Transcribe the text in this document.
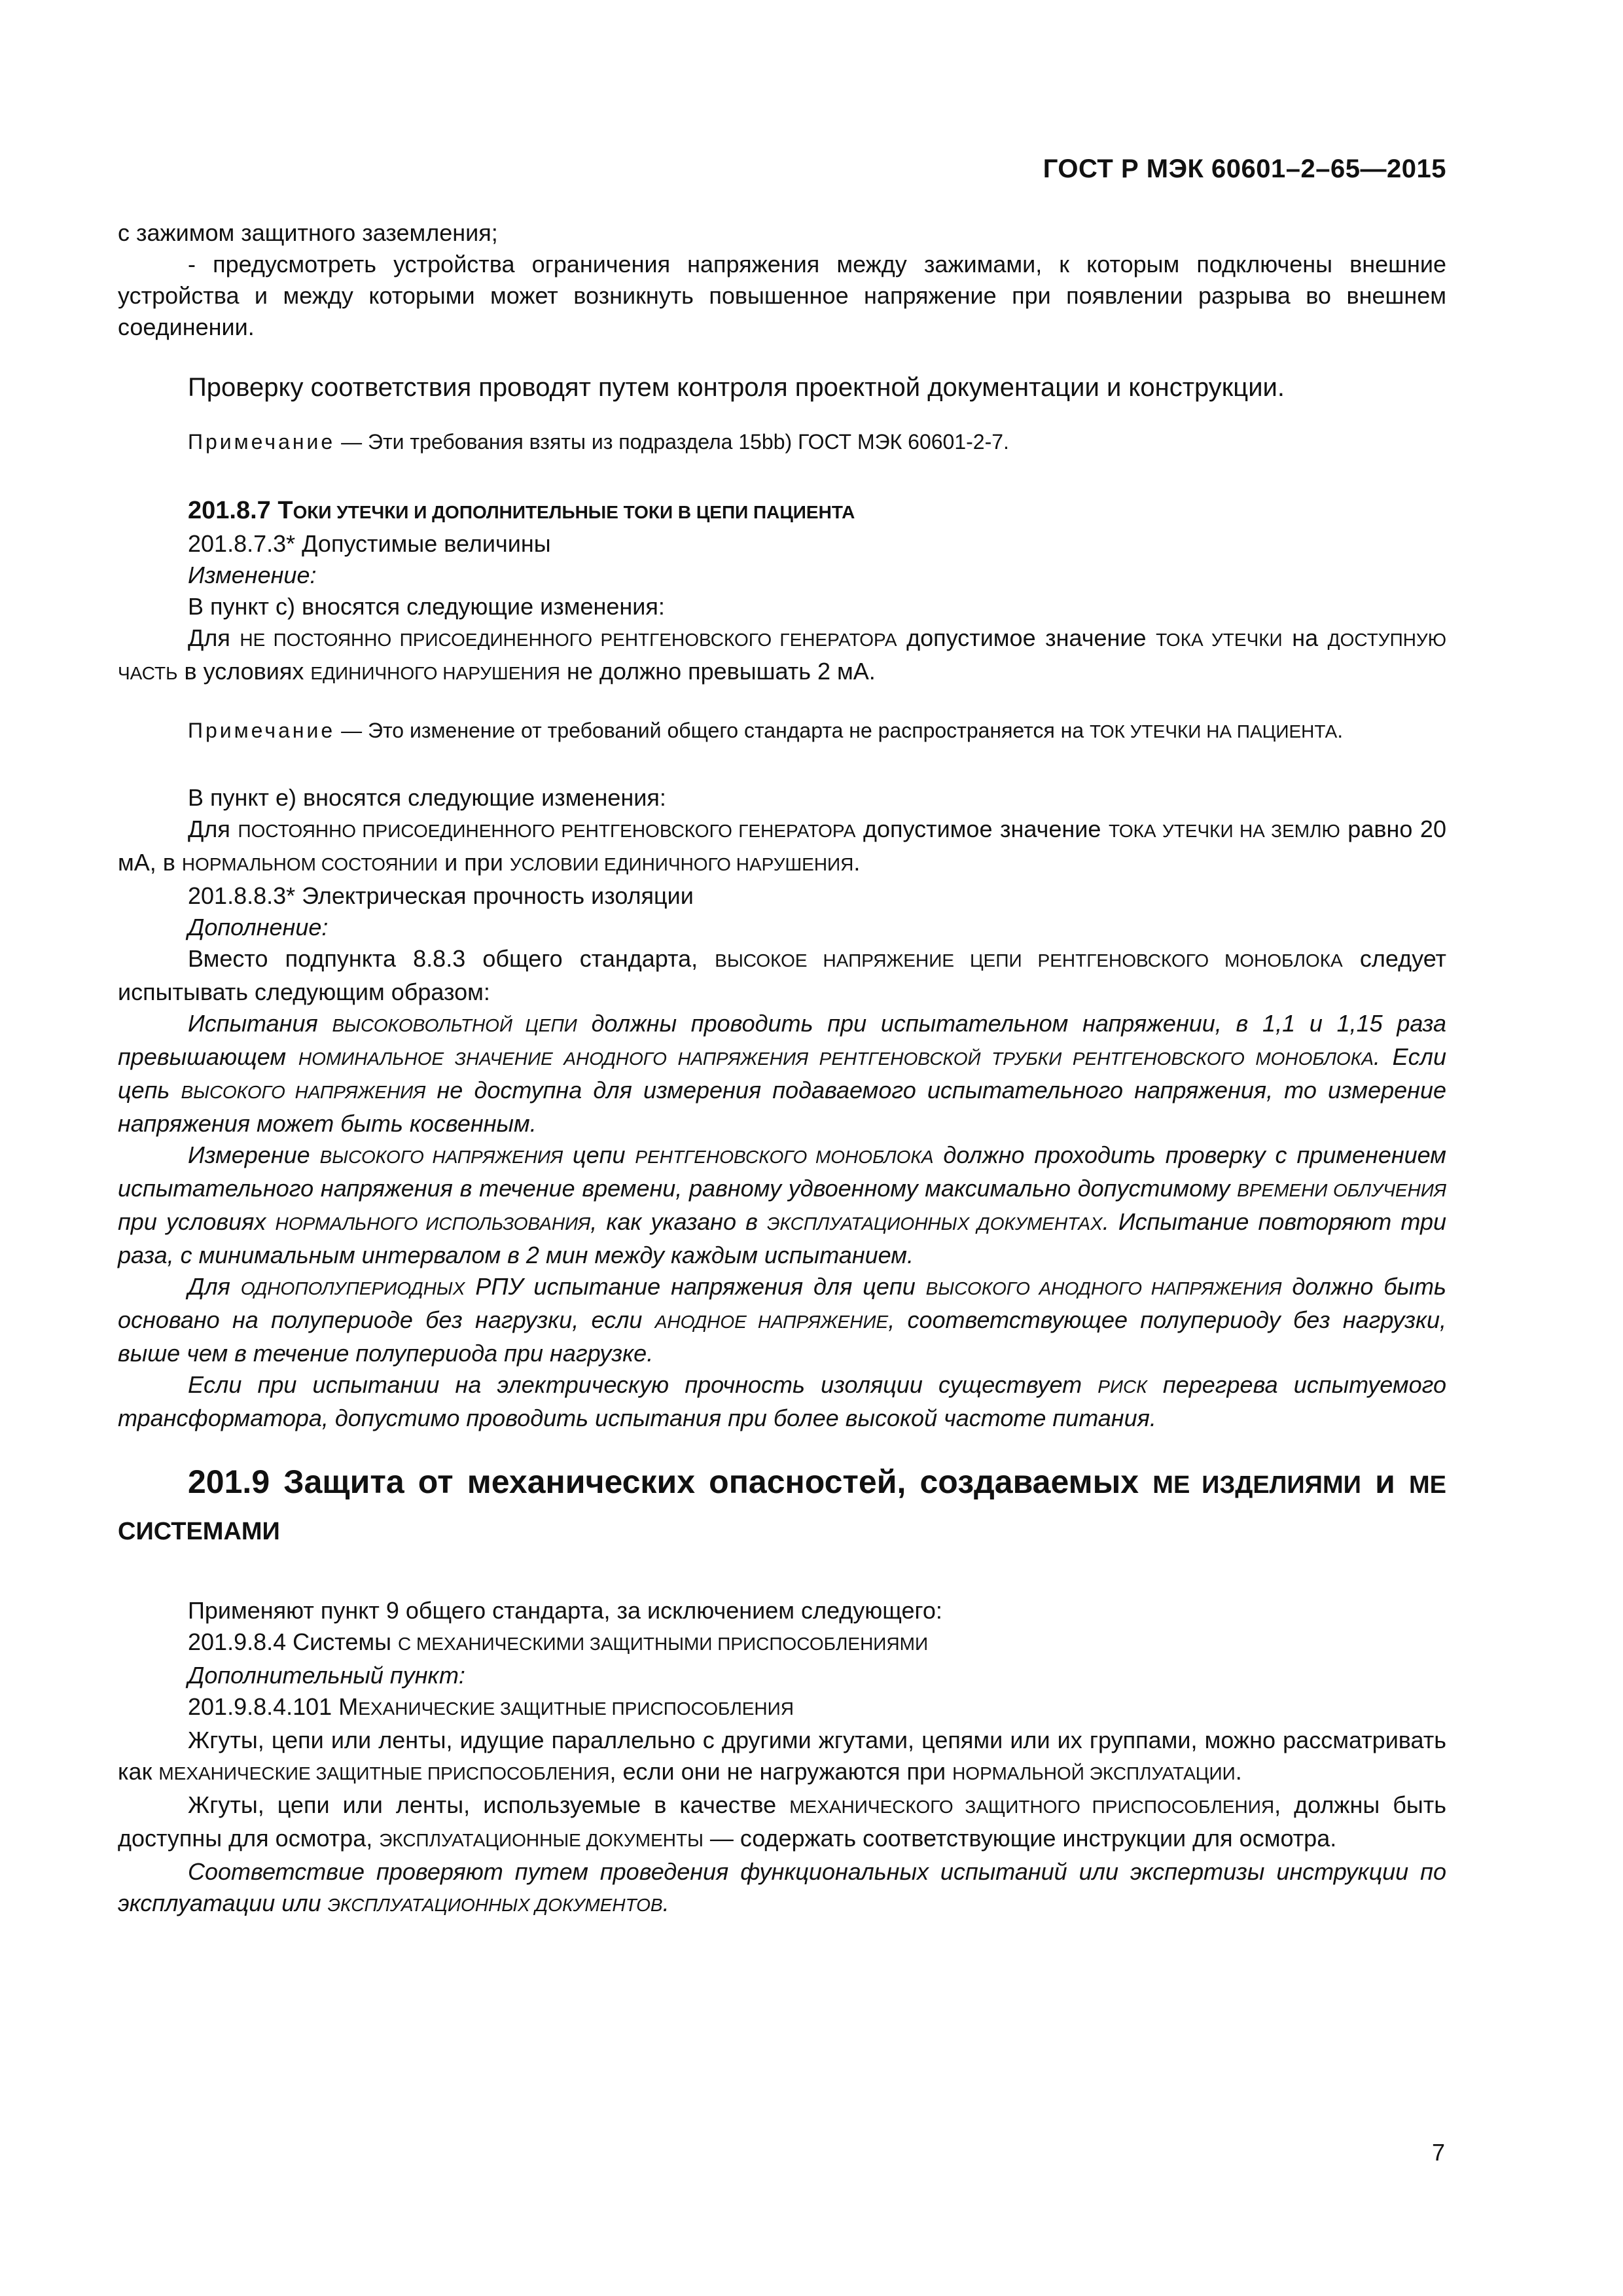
ГОСТ Р МЭК 60601–2–65—2015

с зажимом защитного заземления;

- предусмотреть устройства ограничения напряжения между зажимами, к которым подключены внешние устройства и между которыми может возникнуть повышенное напряжение при появлении разрыва во внешнем соединении.

Проверку соответствия проводят путем контроля проектной документации и конструкции.

Примечание — Эти требования взяты из подраздела 15bb) ГОСТ МЭК 60601-2-7.

201.8.7 ТОКИ УТЕЧКИ И ДОПОЛНИТЕЛЬНЫЕ ТОКИ В ЦЕПИ ПАЦИЕНТА

201.8.7.3* Допустимые величины

Изменение:

В пункт с) вносятся следующие изменения:

Для НЕ ПОСТОЯННО ПРИСОЕДИНЕННОГО РЕНТГЕНОВСКОГО ГЕНЕРАТОРА допустимое значение ТОКА УТЕЧКИ на ДОСТУПНУЮ ЧАСТЬ в условиях ЕДИНИЧНОГО НАРУШЕНИЯ не должно превышать 2 мА.

Примечание — Это изменение от требований общего стандарта не распространяется на ТОК УТЕЧКИ НА ПАЦИЕНТА.

В пункт е) вносятся следующие изменения:

Для ПОСТОЯННО ПРИСОЕДИНЕННОГО РЕНТГЕНОВСКОГО ГЕНЕРАТОРА допустимое значение ТОКА УТЕЧКИ НА ЗЕМЛЮ равно 20 мА, в НОРМАЛЬНОМ СОСТОЯНИИ и при УСЛОВИИ ЕДИНИЧНОГО НАРУШЕНИЯ.

201.8.8.3* Электрическая прочность изоляции

Дополнение:

Вместо подпункта 8.8.3 общего стандарта, ВЫСОКОЕ НАПРЯЖЕНИЕ ЦЕПИ РЕНТГЕНОВСКОГО МОНОБЛОКА следует испытывать следующим образом:

Испытания ВЫСОКОВОЛЬТНОЙ ЦЕПИ должны проводить при испытательном напряжении, в 1,1 и 1,15 раза превышающем НОМИНАЛЬНОЕ ЗНАЧЕНИЕ АНОДНОГО НАПРЯЖЕНИЯ РЕНТГЕНОВСКОЙ ТРУБКИ РЕНТГЕНОВСКОГО МОНОБЛОКА. Если цепь ВЫСОКОГО НАПРЯЖЕНИЯ не доступна для измерения подаваемого испытательного напряжения, то измерение напряжения может быть косвенным.

Измерение ВЫСОКОГО НАПРЯЖЕНИЯ цепи РЕНТГЕНОВСКОГО МОНОБЛОКА должно проходить проверку с применением испытательного напряжения в течение времени, равному удвоенному максимально допустимому ВРЕМЕНИ ОБЛУЧЕНИЯ при условиях НОРМАЛЬНОГО ИСПОЛЬЗОВАНИЯ, как указано в ЭКСПЛУАТАЦИОННЫХ ДОКУМЕНТАХ. Испытание повторяют три раза, с минимальным интервалом в 2 мин между каждым испытанием.

Для ОДНОПОЛУПЕРИОДНЫХ РПУ испытание напряжения для цепи ВЫСОКОГО АНОДНОГО НАПРЯЖЕНИЯ должно быть основано на полупериоде без нагрузки, если АНОДНОЕ НАПРЯЖЕНИЕ, соответствующее полупериоду без нагрузки, выше чем в течение полупериода при нагрузке.

Если при испытании на электрическую прочность изоляции существует РИСК перегрева испытуемого трансформатора, допустимо проводить испытания при более высокой частоте питания.

201.9 Защита от механических опасностей, создаваемых МЕ ИЗДЕЛИЯМИ и МЕ СИСТЕМАМИ

Применяют пункт 9 общего стандарта, за исключением следующего:

201.9.8.4 Системы С МЕХАНИЧЕСКИМИ ЗАЩИТНЫМИ ПРИСПОСОБЛЕНИЯМИ

Дополнительный пункт:

201.9.8.4.101 МЕХАНИЧЕСКИЕ ЗАЩИТНЫЕ ПРИСПОСОБЛЕНИЯ

Жгуты, цепи или ленты, идущие параллельно с другими жгутами, цепями или их группами, можно рассматривать как МЕХАНИЧЕСКИЕ ЗАЩИТНЫЕ ПРИСПОСОБЛЕНИЯ, если они не нагружаются при НОРМАЛЬНОЙ ЭКСПЛУАТАЦИИ.

Жгуты, цепи или ленты, используемые в качестве МЕХАНИЧЕСКОГО ЗАЩИТНОГО ПРИСПОСОБЛЕНИЯ, должны быть доступны для осмотра, ЭКСПЛУАТАЦИОННЫЕ ДОКУМЕНТЫ — содержать соответствующие инструкции для осмотра.

Соответствие проверяют путем проведения функциональных испытаний или экспертизы инструкции по эксплуатации или ЭКСПЛУАТАЦИОННЫХ ДОКУМЕНТОВ.

7
